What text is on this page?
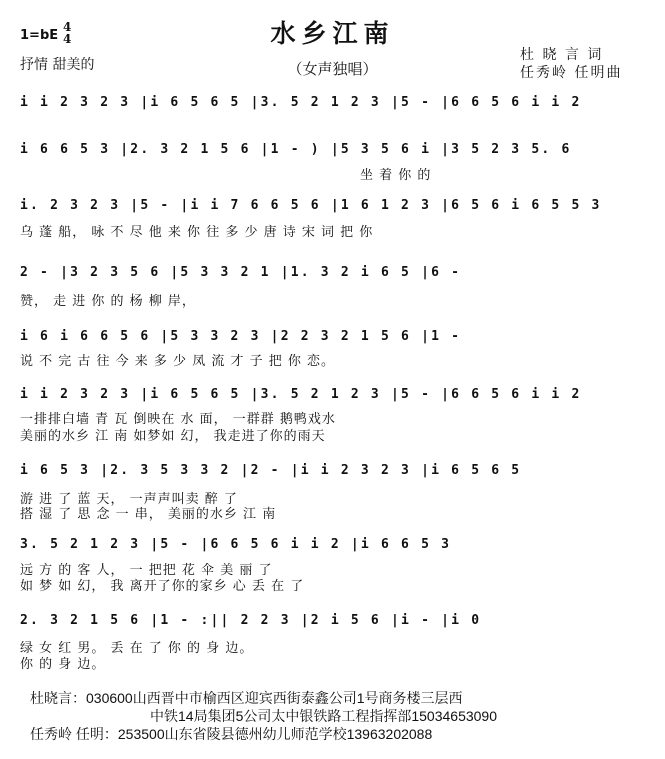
水乡江南
（女声独唱）
1=bE
4
4
抒情 甜美的
杜 晓 言 词
任秀岭 任明曲
i i 2 3 2 3 |i 6 5 6 5 |3. 5 2 1 2 3 |5 - |6 6 5 6 i i 2
i 6 6 5 3 |2. 3 2 1 5 6 |1 - ) |5 3 5 6 i |3 5 2 3 5. 6
坐 着 你 的
i. 2 3 2 3 |5 - |i i 7 6 6 5 6 |1 6 1 2 3 |6 5 6 i 6 5 5 3
乌 蓬 船， 咏 不 尽 他 来 你 往 多 少 唐 诗 宋 词 把 你
2 - |3 2 3 5 6 |5 3 3 2 1 |1. 3 2 i 6 5 |6 -
赞， 走 进 你 的 杨 柳 岸，
i 6 i 6 6 5 6 |5 3 3 2 3 |2 2 3 2 1 5 6 |1 -
说 不 完 古 往 今 来 多 少 凤 流 才 子 把 你 恋。
i i 2 3 2 3 |i 6 5 6 5 |3. 5 2 1 2 3 |5 - |6 6 5 6 i i 2
一排排白墙 青 瓦 倒映在 水 面， 一群群 鹅鸭戏水
美丽的水乡 江 南 如梦如 幻， 我走进了你的雨天
i 6 5 3 |2. 3 5 3 3 2 |2 - |i i 2 3 2 3 |i 6 5 6 5
游 进 了 蓝 天， 一声声叫卖 醉 了
搭 湿 了 思 念 一 串， 美丽的水乡 江 南
3. 5 2 1 2 3 |5 - |6 6 5 6 i i 2 |i 6 6 5 3
远 方 的 客 人， 一 把把 花 伞 美 丽 了
如 梦 如 幻， 我 离开了你的家乡 心 丢 在 了
2. 3 2 1 5 6 |1 - :|| 2 2 3 |2 i 5 6 |i - |i 0
绿 女 红 男。 丢 在 了 你 的 身 边。
你 的 身 边。
杜晓言：030600山西晋中市榆西区迎宾西街泰鑫公司1号商务楼三层西
中铁14局集团5公司太中银铁路工程指挥部15034653090
任秀岭 任明：253500山东省陵县德州幼儿师范学校13963202088
